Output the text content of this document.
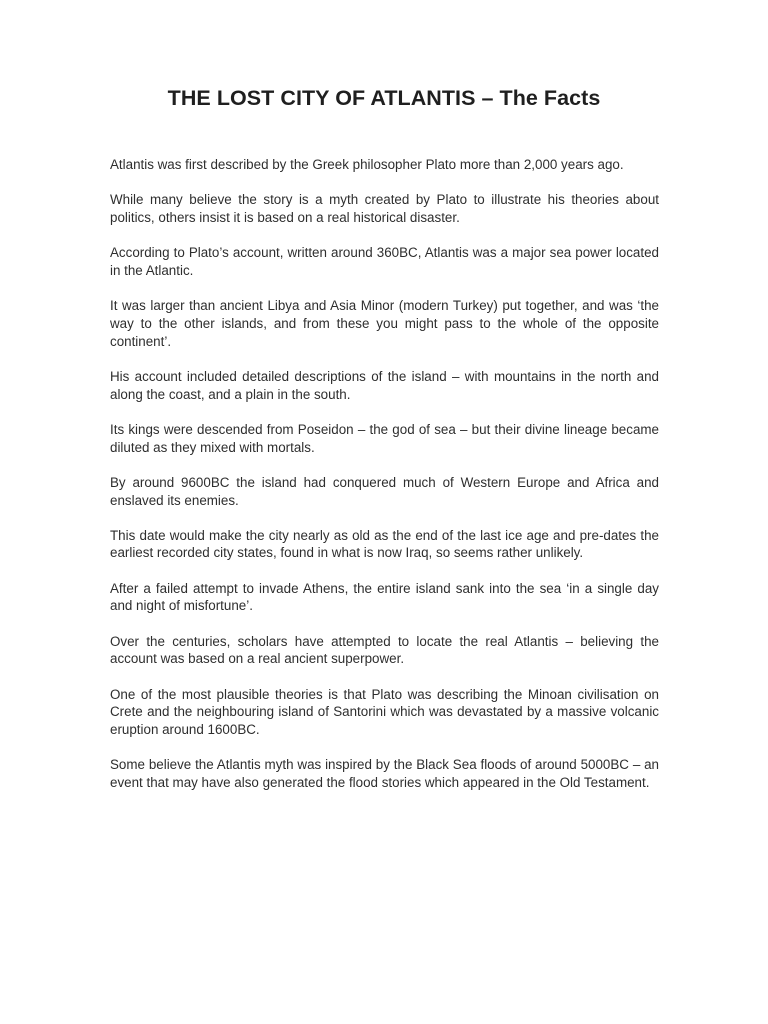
THE LOST CITY OF ATLANTIS – The Facts

Atlantis was first described by the Greek philosopher Plato more than 2,000 years ago.

While many believe the story is a myth created by Plato to illustrate his theories about politics, others insist it is based on a real historical disaster.

According to Plato’s account, written around 360BC, Atlantis was a major sea power located in the Atlantic.

It was larger than ancient Libya and Asia Minor (modern Turkey) put together, and was ‘the way to the other islands, and from these you might pass to the whole of the opposite continent’.

His account included detailed descriptions of the island – with mountains in the north and along the coast, and a plain in the south.

Its kings were descended from Poseidon – the god of sea – but their divine lineage became diluted as they mixed with mortals.

By around 9600BC the island had conquered much of Western Europe and Africa and enslaved its enemies.

This date would make the city nearly as old as the end of the last ice age and pre-dates the earliest recorded city states, found in what is now Iraq, so seems rather unlikely.

After a failed attempt to invade Athens, the entire island sank into the sea ‘in a single day and night of misfortune’.

Over the centuries, scholars have attempted to locate the real Atlantis – believing the account was based on a real ancient superpower.

One of the most plausible theories is that Plato was describing the Minoan civilisation on Crete and the neighbouring island of Santorini which was devastated by a massive volcanic eruption around 1600BC.

Some believe the Atlantis myth was inspired by the Black Sea floods of around 5000BC – an event that may have also generated the flood stories which appeared in the Old Testament.
